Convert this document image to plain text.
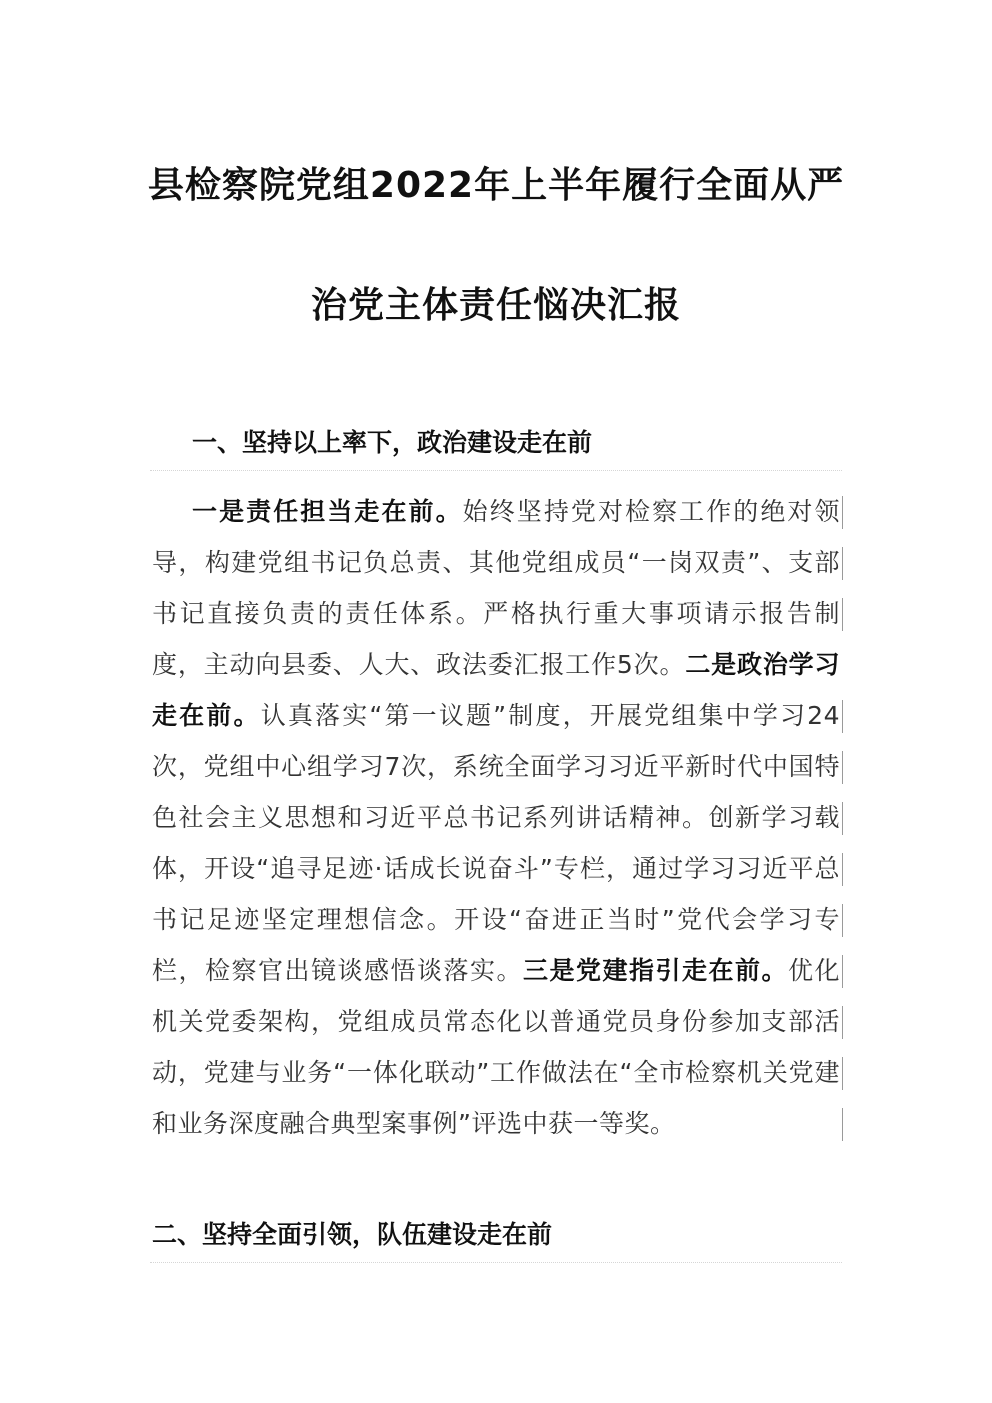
县检察院党组2022年上半年履行全面从严
治党主体责任悩决汇报
一、坚持以上率下，政治建设走在前

一是责任担当走在前。始终坚持党对检察工作的绝对领导，构建党组书记负总责、其他党组成员“一岗双责”、支部书记直接负责的责任体系。严格执行重大事项请示报告制度，主动向县委、人大、政法委汇报工作5次。二是政治学习走在前。认真落实“第一议题”制度，开展党组集中学习24次，党组中心组学习7次，系统全面学习习近平新时代中国特色社会主义思想和习近平总书记系列讲话精神。创新学习载体，开设“追寻足迹·话成长说奋斗”专栏，通过学习习近平总书记足迹坚定理想信念。开设“奋进正当时”党代会学习专栏，检察官出镜谈感悟谈落实。三是党建指引走在前。优化机关党委架构，党组成员常态化以普通党员身份参加支部活动，党建与业务“一体化联动”工作做法在“全市检察机关党建和业务深度融合典型案事例”评选中获一等奖。

二、坚持全面引领，队伍建设走在前
